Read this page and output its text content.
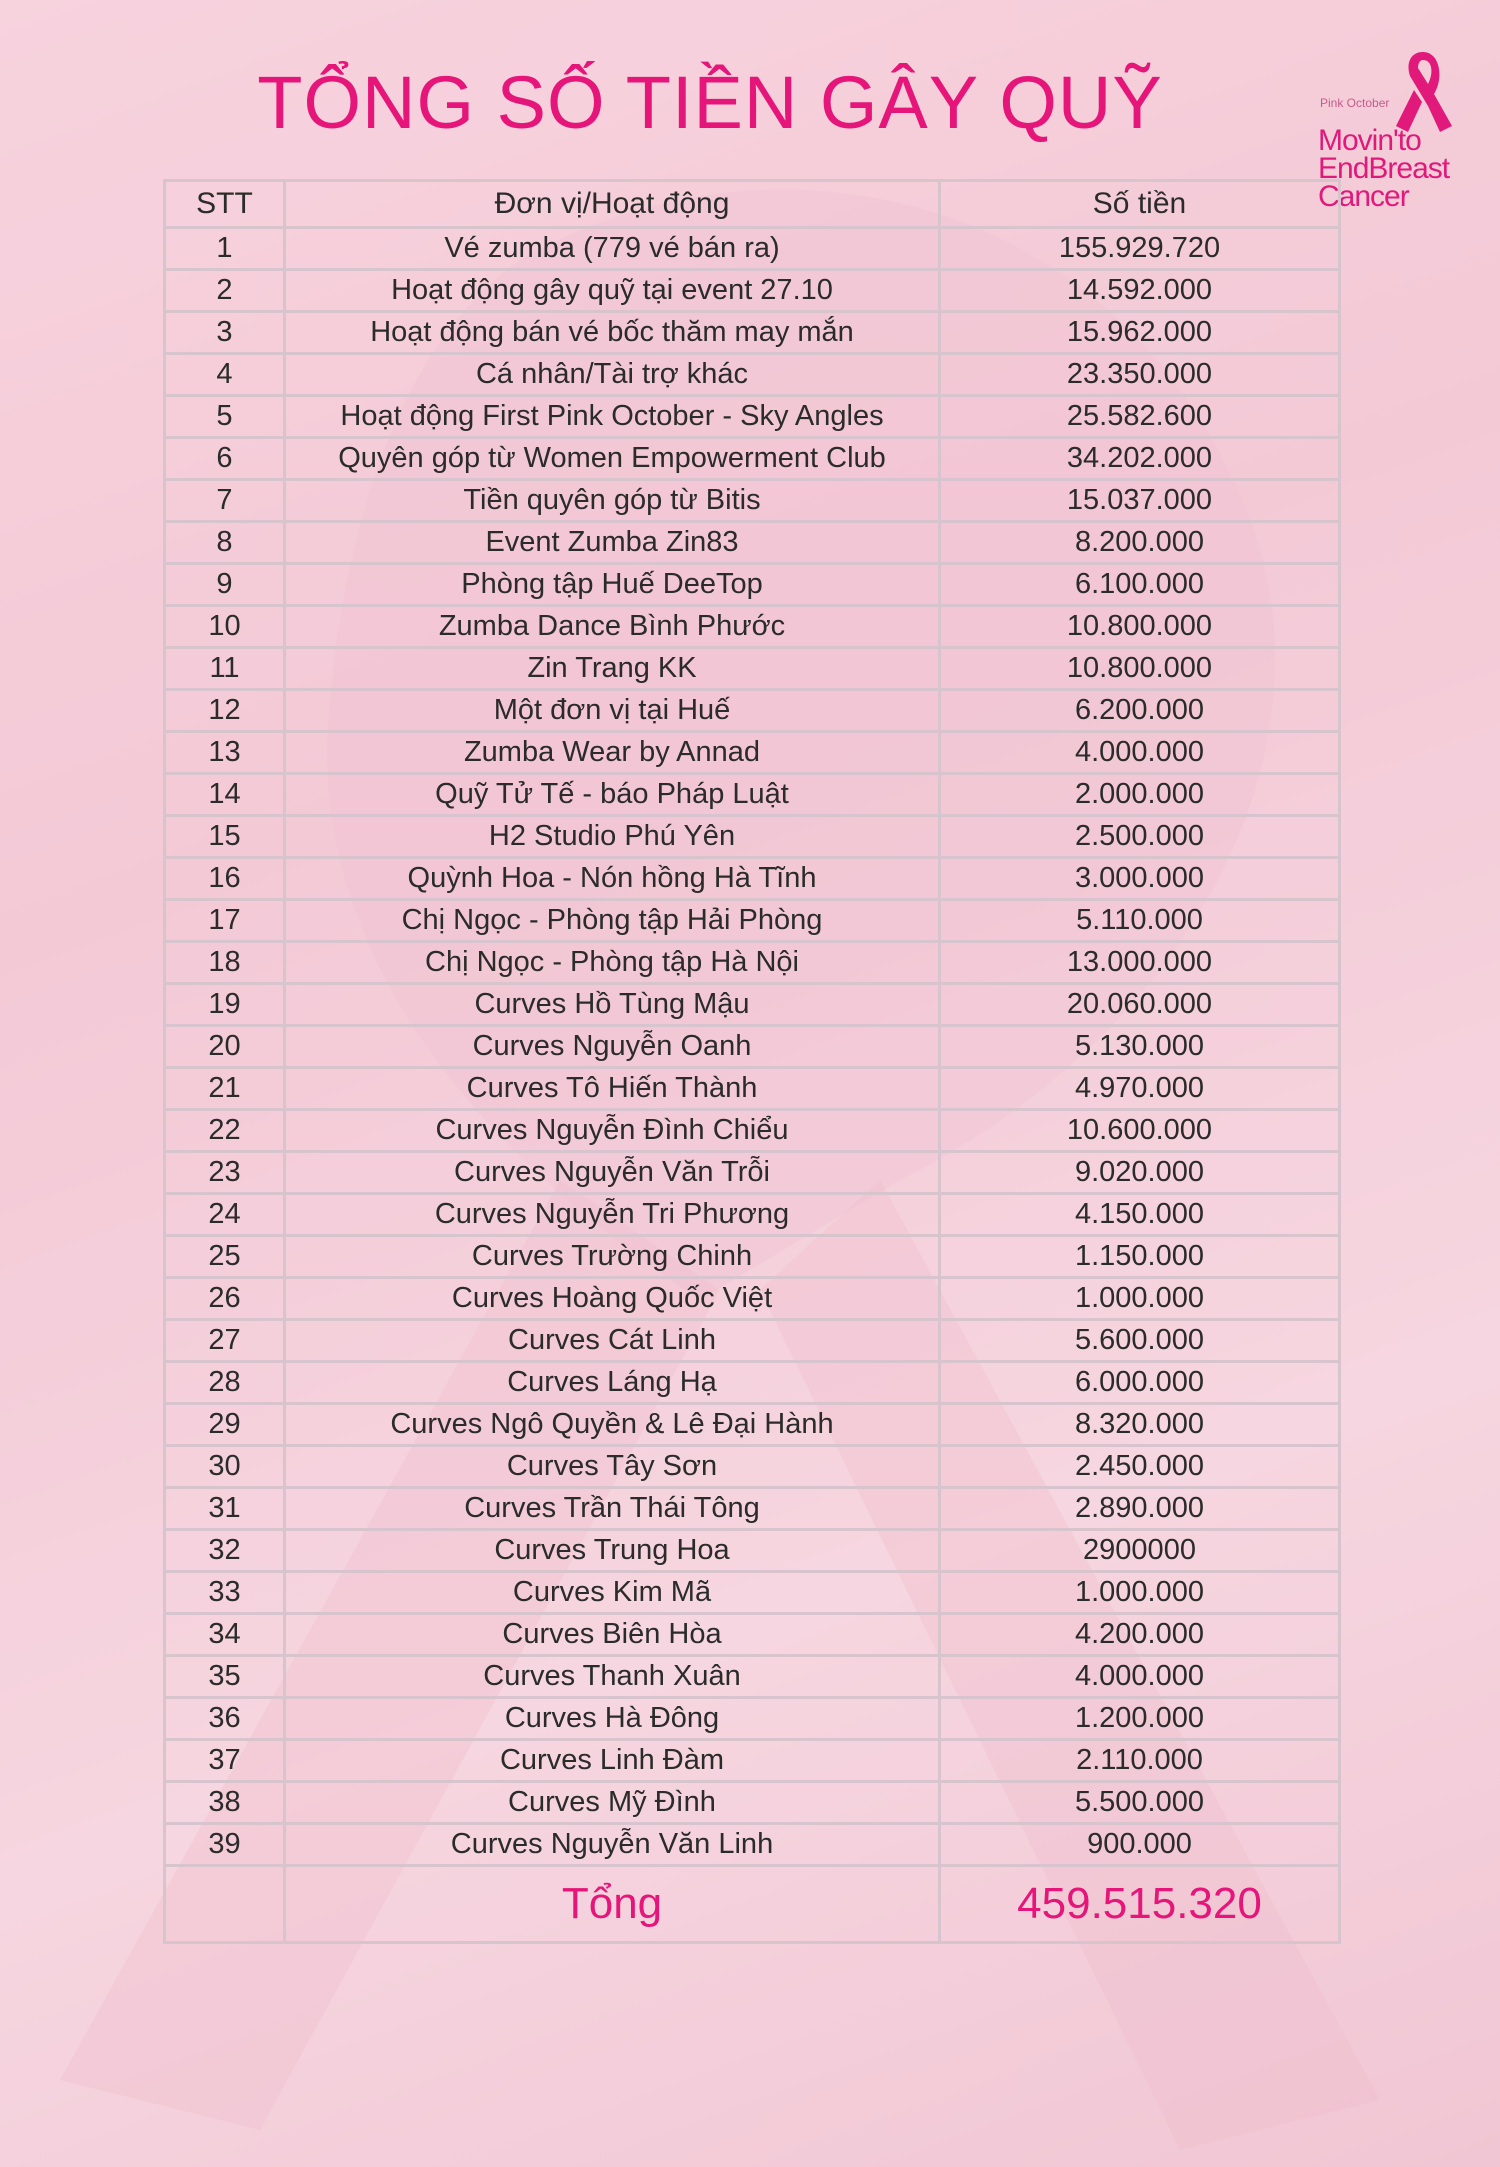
TỔNG SỐ TIỀN GÂY QUỸ	Pink October
Movin'to
EndBreast
Cancer
STT	Đơn vị/Hoạt động	Số tiền
1	Vé zumba (779 vé bán ra)	155.929.720
2	Hoạt động gây quỹ tại event 27.10	14.592.000
3	Hoạt động bán vé bốc thăm may mắn	15.962.000
4	Cá nhân/Tài trợ khác	23.350.000
5	Hoạt động First Pink October - Sky Angles	25.582.600
6	Quyên góp từ Women Empowerment Club	34.202.000
7	Tiền quyên góp từ Bitis	15.037.000
8	Event Zumba Zin83	8.200.000
9	Phòng tập Huế DeeTop	6.100.000
10	Zumba Dance Bình Phước	10.800.000
11	Zin Trang KK	10.800.000
12	Một đơn vị tại Huế	6.200.000
13	Zumba Wear by Annad	4.000.000
14	Quỹ Tử Tế - báo Pháp Luật	2.000.000
15	H2 Studio Phú Yên	2.500.000
16	Quỳnh Hoa - Nón hồng Hà Tĩnh	3.000.000
17	Chị Ngọc - Phòng tập Hải Phòng	5.110.000
18	Chị Ngọc - Phòng tập Hà Nội	13.000.000
19	Curves Hồ Tùng Mậu	20.060.000
20	Curves Nguyễn Oanh	5.130.000
21	Curves Tô Hiến Thành	4.970.000
22	Curves Nguyễn Đình Chiểu	10.600.000
23	Curves Nguyễn Văn Trỗi	9.020.000
24	Curves Nguyễn Tri Phương	4.150.000
25	Curves Trường Chinh	1.150.000
26	Curves Hoàng Quốc Việt	1.000.000
27	Curves Cát Linh	5.600.000
28	Curves Láng Hạ	6.000.000
29	Curves Ngô Quyền & Lê Đại Hành	8.320.000
30	Curves Tây Sơn	2.450.000
31	Curves Trần Thái Tông	2.890.000
32	Curves Trung Hoa	2900000
33	Curves Kim Mã	1.000.000
34	Curves Biên Hòa	4.200.000
35	Curves Thanh Xuân	4.000.000
36	Curves Hà Đông	1.200.000
37	Curves Linh Đàm	2.110.000
38	Curves Mỹ Đình	5.500.000
39	Curves Nguyễn Văn Linh	900.000
	Tổng	459.515.320
